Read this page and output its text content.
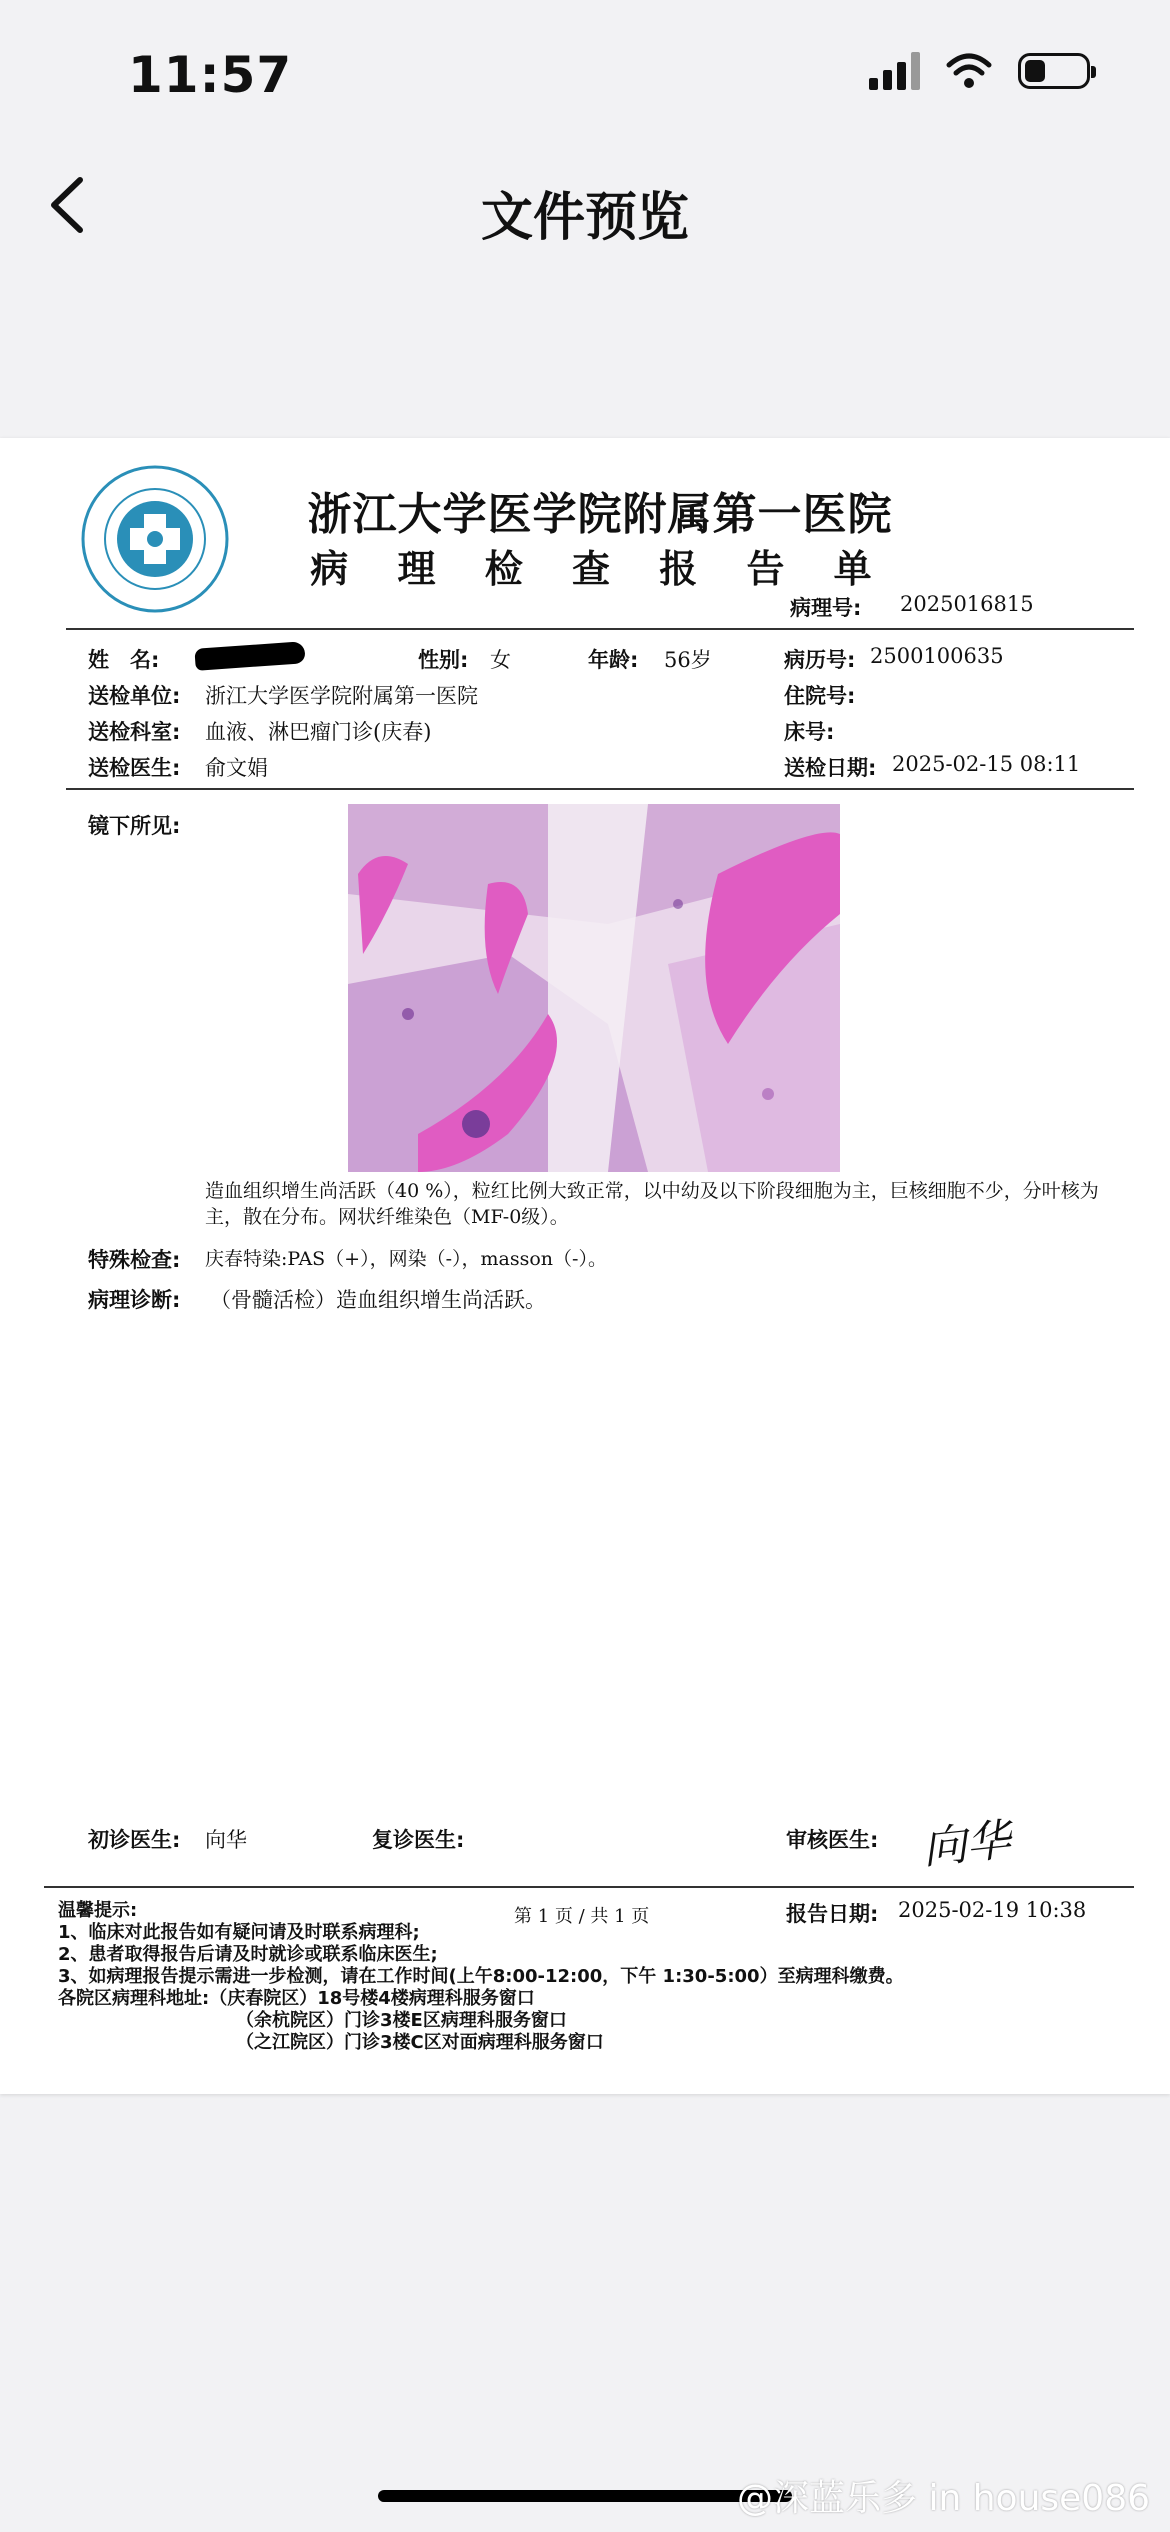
11:57
文件预览
浙江大学医学院附属第一医院
病 理 检 查 报 告 单
病理号: 2025016815
姓　名:	性别: 女	年龄: 56岁	病历号: 2500100635
送检单位: 浙江大学医学院附属第一医院	住院号:
送检科室: 血液、淋巴瘤门诊(庆春)	床号:
送检医生: 俞文娟	送检日期: 2025-02-15 08:11
镜下所见:
造血组织增生尚活跃（40 %），粒红比例大致正常，以中幼及以下阶段细胞为主，巨核细胞不少，分叶核为主，散在分布。网状纤维染色（MF-0级）。
特殊检查: 庆春特染:PAS（+），网染（-），masson（-）。
病理诊断: （骨髓活检）造血组织增生尚活跃。
初诊医生: 向华	复诊医生:	审核医生: 向华
第 1 页 / 共 1 页	报告日期: 2025-02-19 10:38
温馨提示:
1、临床对此报告如有疑问请及时联系病理科;
2、患者取得报告后请及时就诊或联系临床医生;
3、如病理报告提示需进一步检测，请在工作时间(上午8:00-12:00，下午 1:30-5:00）至病理科缴费。
各院区病理科地址:（庆春院区）18号楼4楼病理科服务窗口
（余杭院区）门诊3楼E区病理科服务窗口
（之江院区）门诊3楼C区对面病理科服务窗口
@深蓝乐多 in house086
